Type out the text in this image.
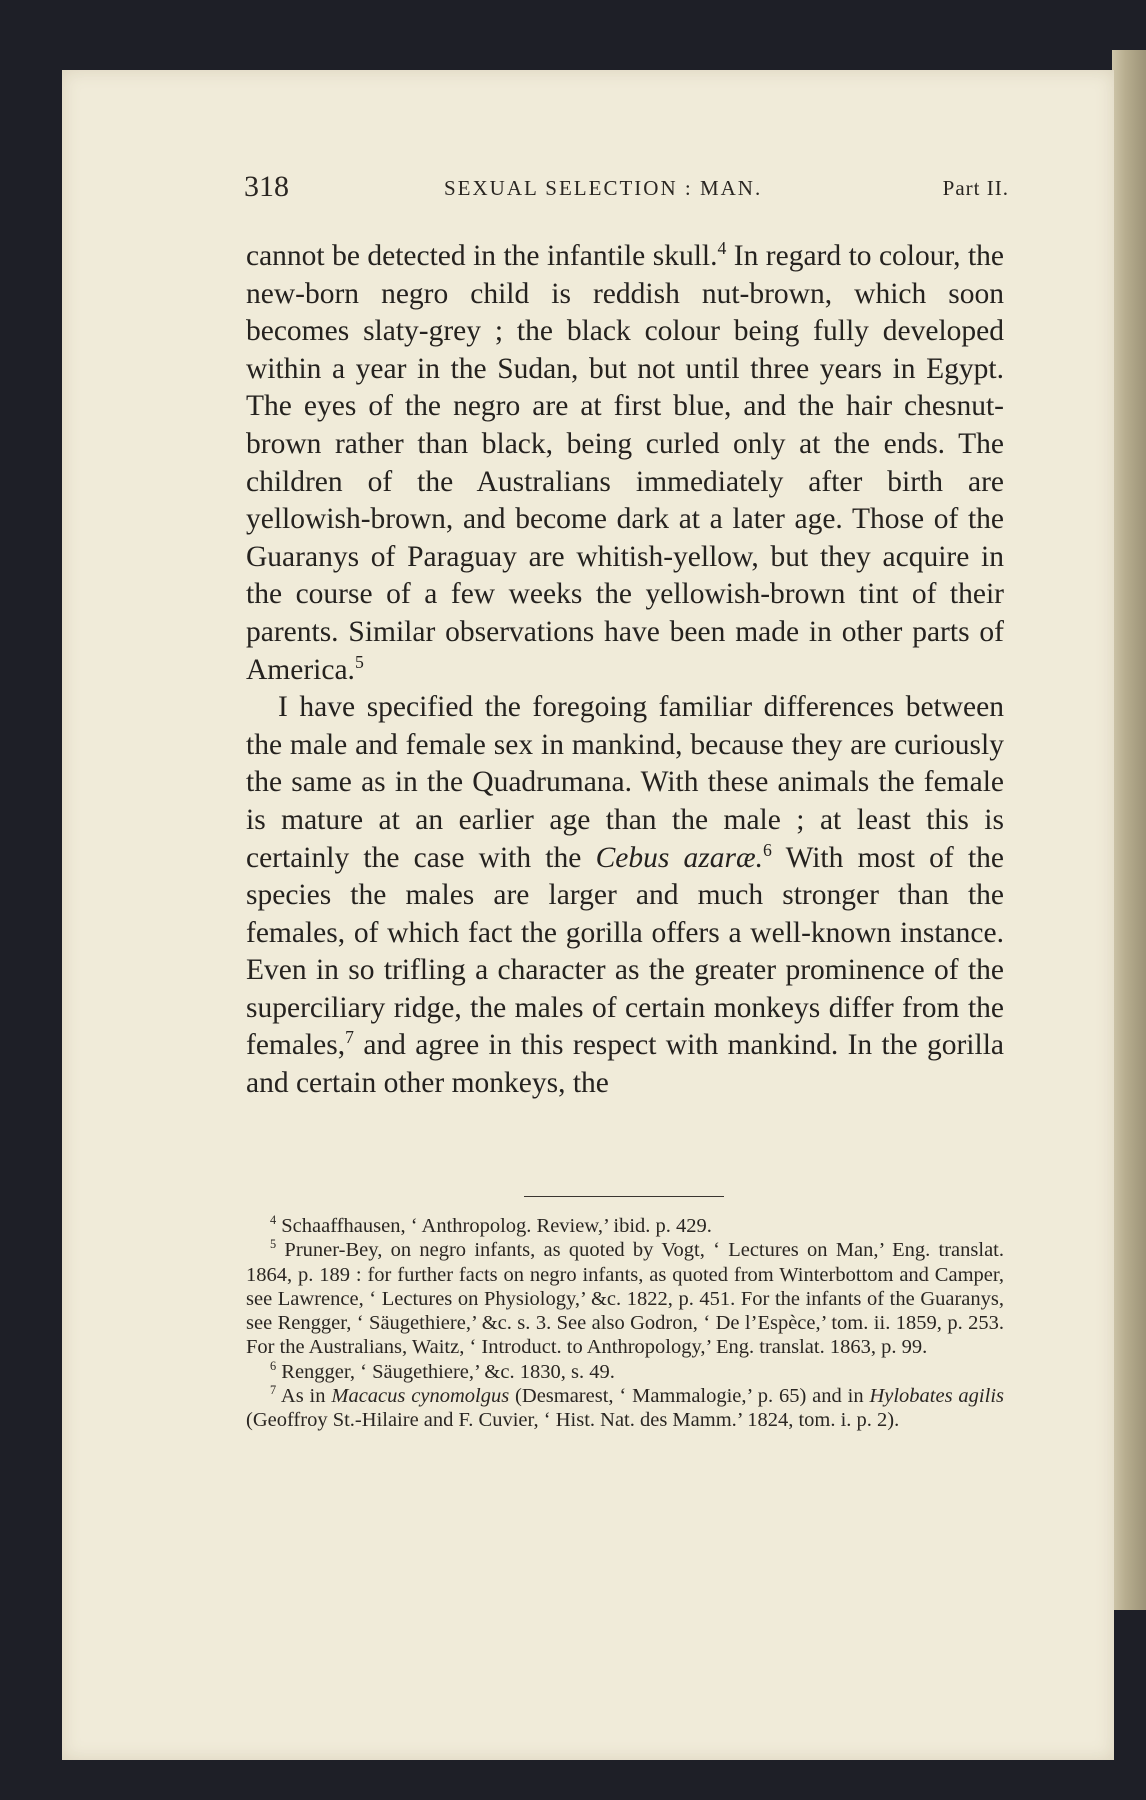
318	SEXUAL SELECTION : MAN.	Part II.

cannot be detected in the infantile skull.$^4$ In regard to colour, the new-born negro child is reddish nut-brown, which soon becomes slaty-grey ; the black colour being fully developed within a year in the Sudan, but not until three years in Egypt. The eyes of the negro are at first blue, and the hair chesnut-brown rather than black, being curled only at the ends. The children of the Australians immediately after birth are yellowish-brown, and become dark at a later age. Those of the Guaranys of Paraguay are whitish-yellow, but they acquire in the course of a few weeks the yellowish-brown tint of their parents. Similar observations have been made in other parts of America.$^5$

I have specified the foregoing familiar differences between the male and female sex in mankind, because they are curiously the same as in the Quadrumana. With these animals the female is mature at an earlier age than the male ; at least this is certainly the case with the Cebus azaræ.$^6$ With most of the species the males are larger and much stronger than the females, of which fact the gorilla offers a well-known instance. Even in so trifling a character as the greater prominence of the superciliary ridge, the males of certain monkeys differ from the females,$^7$ and agree in this respect with mankind. In the gorilla and certain other monkeys, the

$^4$ Schaaffhausen, ‘ Anthropolog. Review,’ ibid. p. 429.

$^5$ Pruner-Bey, on negro infants, as quoted by Vogt, ‘ Lectures on Man,’ Eng. translat. 1864, p. 189 : for further facts on negro infants, as quoted from Winterbottom and Camper, see Lawrence, ‘ Lectures on Physiology,’ &c. 1822, p. 451. For the infants of the Guaranys, see Rengger, ‘ Säugethiere,’ &c. s. 3. See also Godron, ‘ De l’Espèce,’ tom. ii. 1859, p. 253. For the Australians, Waitz, ‘ Introduct. to Anthropology,’ Eng. translat. 1863, p. 99.

$^6$ Rengger, ‘ Säugethiere,’ &c. 1830, s. 49.

$^7$ As in Macacus cynomolgus (Desmarest, ‘ Mammalogie,’ p. 65) and in Hylobates agilis (Geoffroy St.-Hilaire and F. Cuvier, ‘ Hist. Nat. des Mamm.’ 1824, tom. i. p. 2).
